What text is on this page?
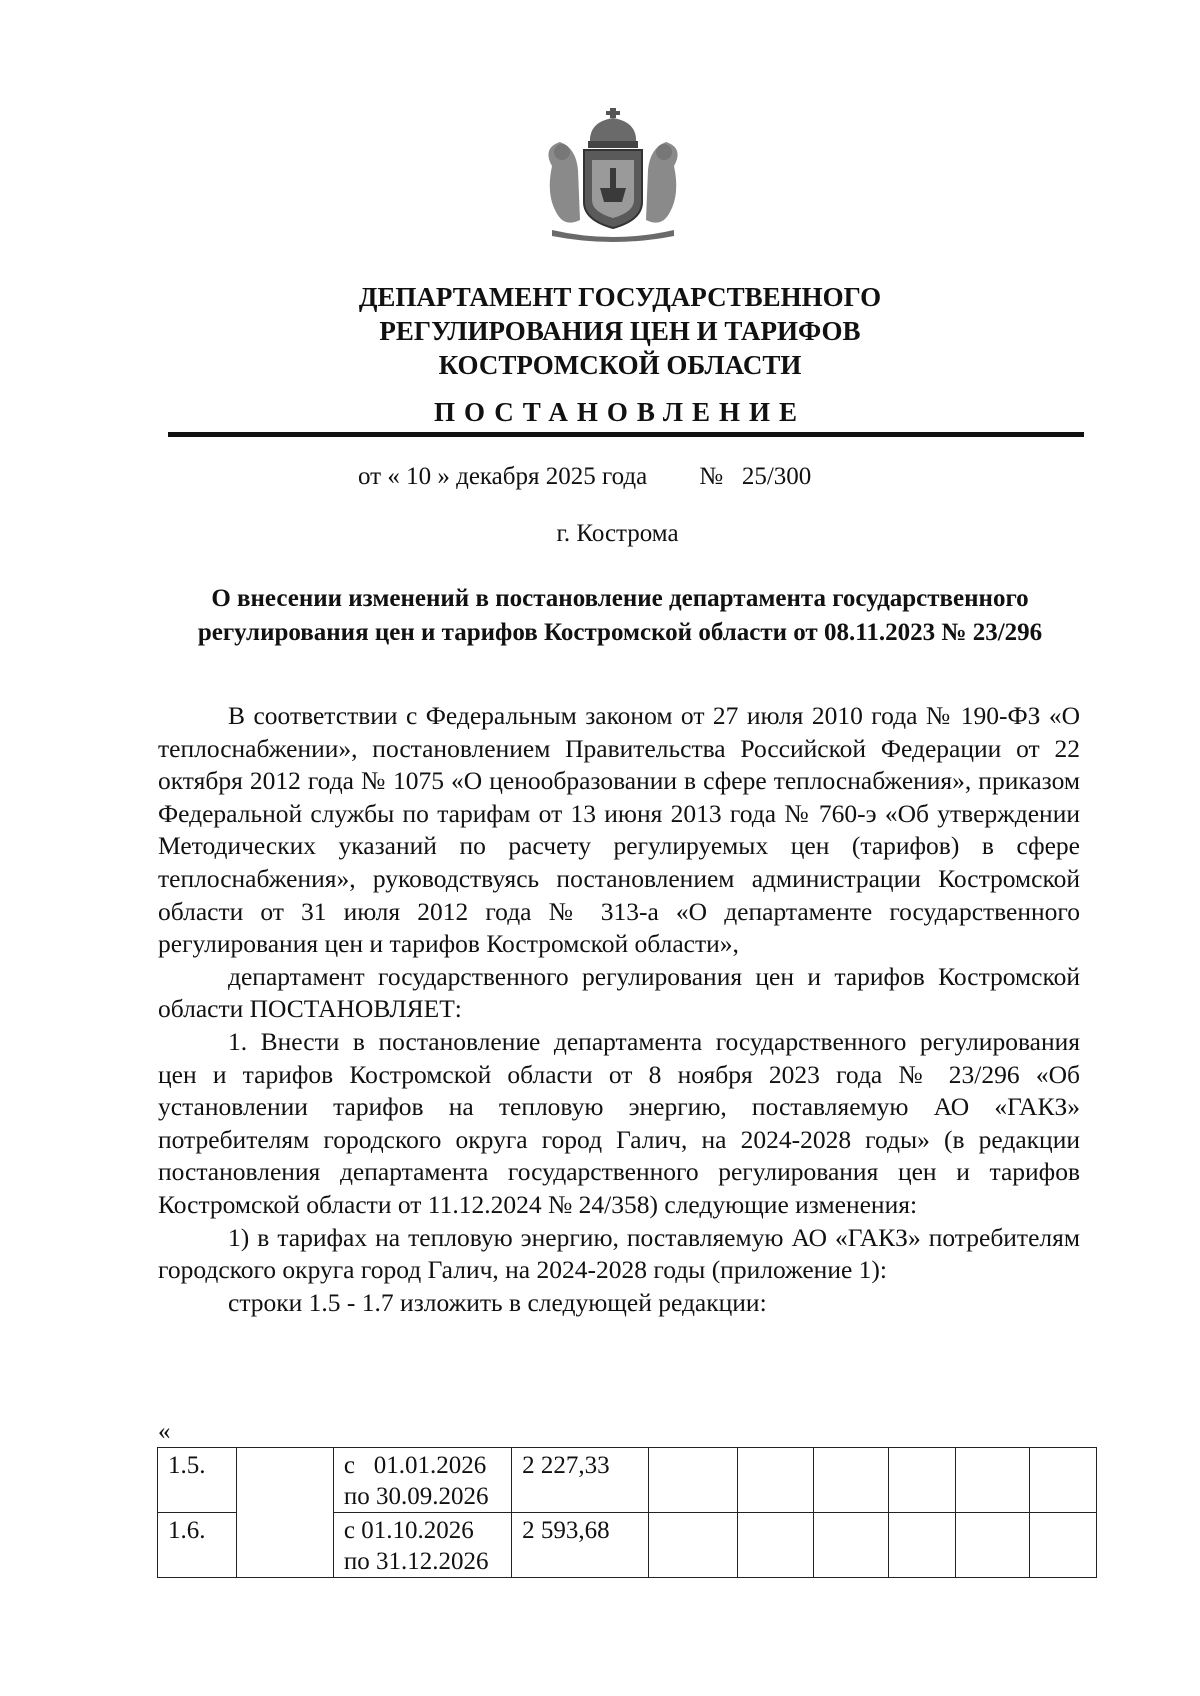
ДЕПАРТАМЕНТ ГОСУДАРСТВЕННОГО
РЕГУЛИРОВАНИЯ ЦЕН И ТАРИФОВ
КОСТРОМСКОЙ ОБЛАСТИ
ПОСТАНОВЛЕНИЕ
от « 10 » декабря 2025 года №   25/300
г. Кострома
О внесении изменений в постановление департамента государственного
регулирования цен и тарифов Костромской области от 08.11.2023 № 23/296

В соответствии с Федеральным законом от 27 июля 2010 года № 190-ФЗ «О теплоснабжении», постановлением Правительства Российской Федерации от 22 октября 2012 года № 1075 «О ценообразовании в сфере теплоснабжения», приказом Федеральной службы по тарифам от 13 июня 2013 года № 760-э «Об утверждении Методических указаний по расчету регулируемых цен (тарифов) в сфере теплоснабжения», руководствуясь постановлением администрации Костромской области от 31 июля 2012 года № 313-а «О департаменте государственного регулирования цен и тарифов Костромской области»,

департамент государственного регулирования цен и тарифов Костромской области ПОСТАНОВЛЯЕТ:

1. Внести в постановление департамента государственного регулирования цен и тарифов Костромской области от 8 ноября 2023 года № 23/296 «Об установлении тарифов на тепловую энергию, поставляемую АО «ГАКЗ» потребителям городского округа город Галич, на 2024-2028 годы» (в редакции постановления департамента государственного регулирования цен и тарифов Костромской области от 11.12.2024 № 24/358) следующие изменения:

1) в тарифах на тепловую энергию, поставляемую АО «ГАКЗ» потребителям городского округа город Галич, на 2024-2028 годы (приложение 1):

строки 1.5 - 1.7 изложить в следующей редакции:

«
1.5.		с   01.01.2026
по 30.09.2026	2 227,33						
1.6.		с 01.10.2026
по 31.12.2026	2 593,68						
